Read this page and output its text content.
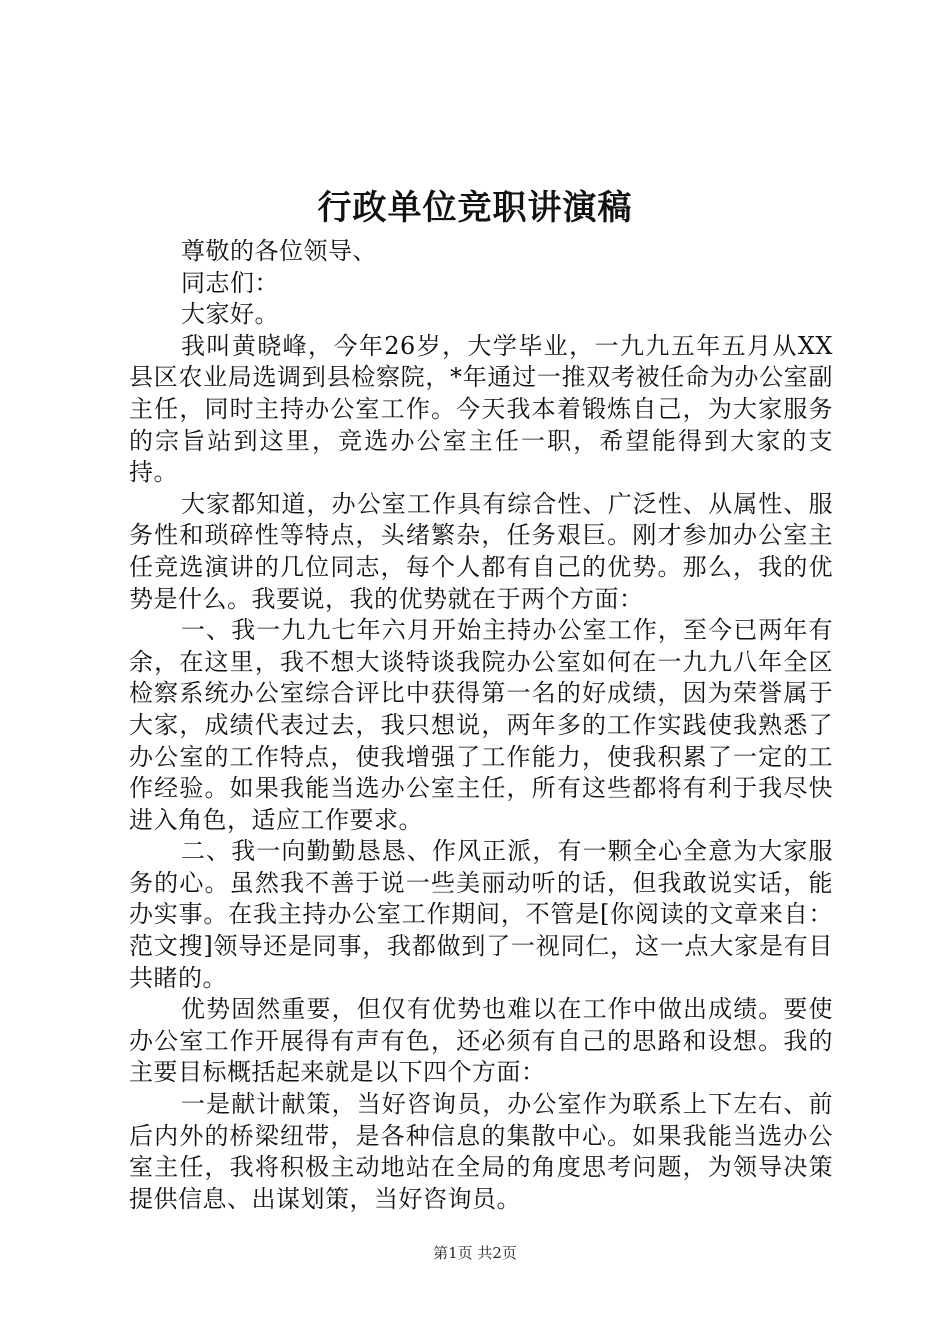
行政单位竞职讲演稿

尊敬的各位领导、

同志们：

大家好。

我叫黄晓峰，今年26岁，大学毕业，一九九五年五月从XX县区农业局选调到县检察院，*年通过一推双考被任命为办公室副主任，同时主持办公室工作。今天我本着锻炼自己，为大家服务的宗旨站到这里，竞选办公室主任一职，希望能得到大家的支持。

大家都知道，办公室工作具有综合性、广泛性、从属性、服务性和琐碎性等特点，头绪繁杂，任务艰巨。刚才参加办公室主任竞选演讲的几位同志，每个人都有自己的优势。那么，我的优势是什么。我要说，我的优势就在于两个方面：

一、我一九九七年六月开始主持办公室工作，至今已两年有余，在这里，我不想大谈特谈我院办公室如何在一九九八年全区检察系统办公室综合评比中获得第一名的好成绩，因为荣誉属于大家，成绩代表过去，我只想说，两年多的工作实践使我熟悉了办公室的工作特点，使我增强了工作能力，使我积累了一定的工作经验。如果我能当选办公室主任，所有这些都将有利于我尽快进入角色，适应工作要求。

二、我一向勤勤恳恳、作风正派，有一颗全心全意为大家服务的心。虽然我不善于说一些美丽动听的话，但我敢说实话，能办实事。在我主持办公室工作期间，不管是[你阅读的文章来自：范文搜]领导还是同事，我都做到了一视同仁，这一点大家是有目共睹的。

优势固然重要，但仅有优势也难以在工作中做出成绩。要使办公室工作开展得有声有色，还必须有自己的思路和设想。我的主要目标概括起来就是以下四个方面：

一是献计献策，当好咨询员，办公室作为联系上下左右、前后内外的桥梁纽带，是各种信息的集散中心。如果我能当选办公室主任，我将积极主动地站在全局的角度思考问题，为领导决策提供信息、出谋划策，当好咨询员。

第1页 共2页
